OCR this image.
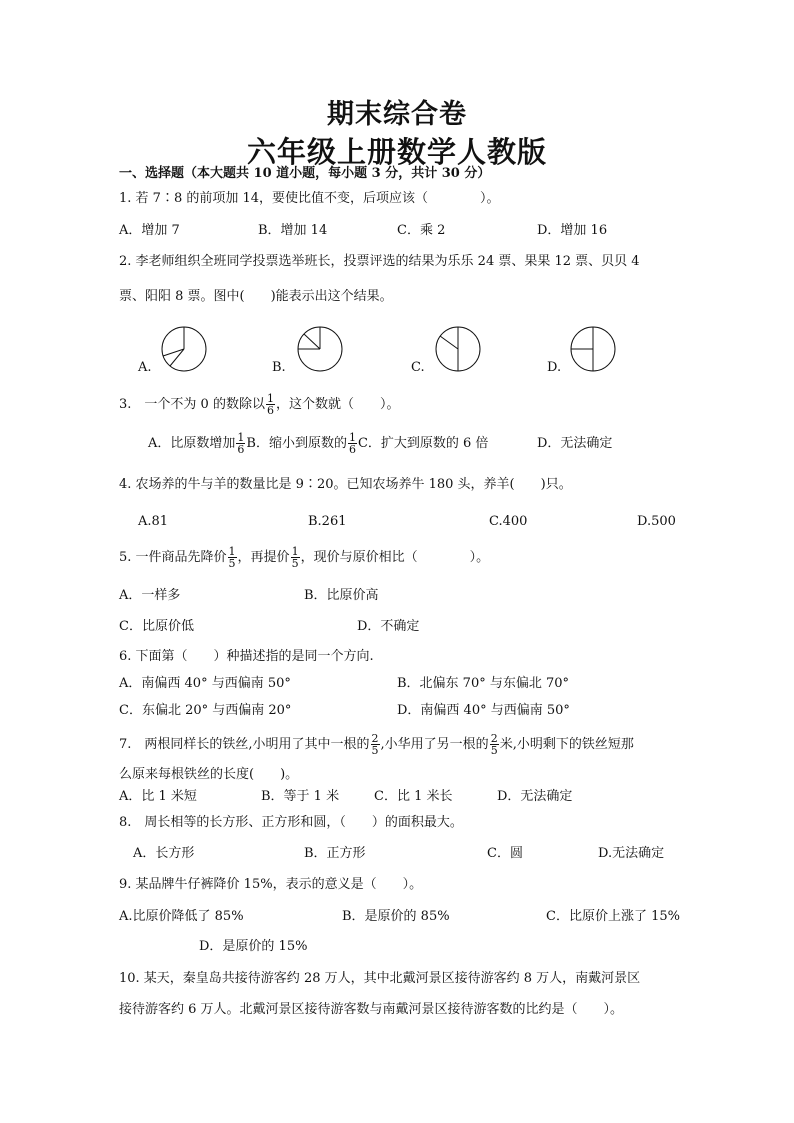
期末综合卷
六年级上册数学人教版
一、选择题（本大题共 10 道小题，每小题 3 分，共计 30 分）
1. 若 7∶8 的前项加 14，要使比值不变，后项应该（　　　　）。
A．增加 7	B．增加 14	C．乘 2	D．增加 16
2. 李老师组织全班同学投票选举班长，投票评选的结果为乐乐 24 票、果果 12 票、贝贝 4
票、阳阳 8 票。图中(　　)能表示出这个结果。
A.	B.	C.	D.
3.　一个不为 0 的数除以 $\frac{1}{6}$ ，这个数就（　　）。
A．比原数增加 $\frac{1}{6}$ B．缩小到原数的 $\frac{1}{6}$ C．扩大到原数的 6 倍	D．无法确定
4. 农场养的牛与羊的数量比是 9∶20。已知农场养牛 180 头，养羊(　　)只。
A.81	B.261	C.400	D.500
5. 一件商品先降价 $\frac{1}{5}$ ，再提价 $\frac{1}{5}$ ，现价与原价相比（　　　　）。
A．一样多	B．比原价高
C．比原价低	D．不确定
6. 下面第（　　）种描述指的是同一个方向.
A．南偏西 40° 与西偏南 50°	B．北偏东 70° 与东偏北 70°
C．东偏北 20° 与西偏南 20°	D．南偏西 40° 与西偏南 50°
7.　两根同样长的铁丝,小明用了其中一根的 $\frac{2}{5}$ ,小华用了另一根的 $\frac{2}{5}$ 米,小明剩下的铁丝短那
么原来每根铁丝的长度(　　)。
A．比 1 米短	B．等于 1 米	C．比 1 米长	D．无法确定
8.　周长相等的长方形、正方形和圆，（　　）的面积最大。
A．长方形	B．正方形	C．圆	D.无法确定
9. 某品牌牛仔裤降价 15%，表示的意义是（　　）。
A.比原价降低了 85%	B．是原价的 85%	C．比原价上涨了 15%
D．是原价的 15%
10. 某天，秦皇岛共接待游客约 28 万人，其中北戴河景区接待游客约 8 万人，南戴河景区
接待游客约 6 万人。北戴河景区接待游客数与南戴河景区接待游客数的比约是（　　）。
